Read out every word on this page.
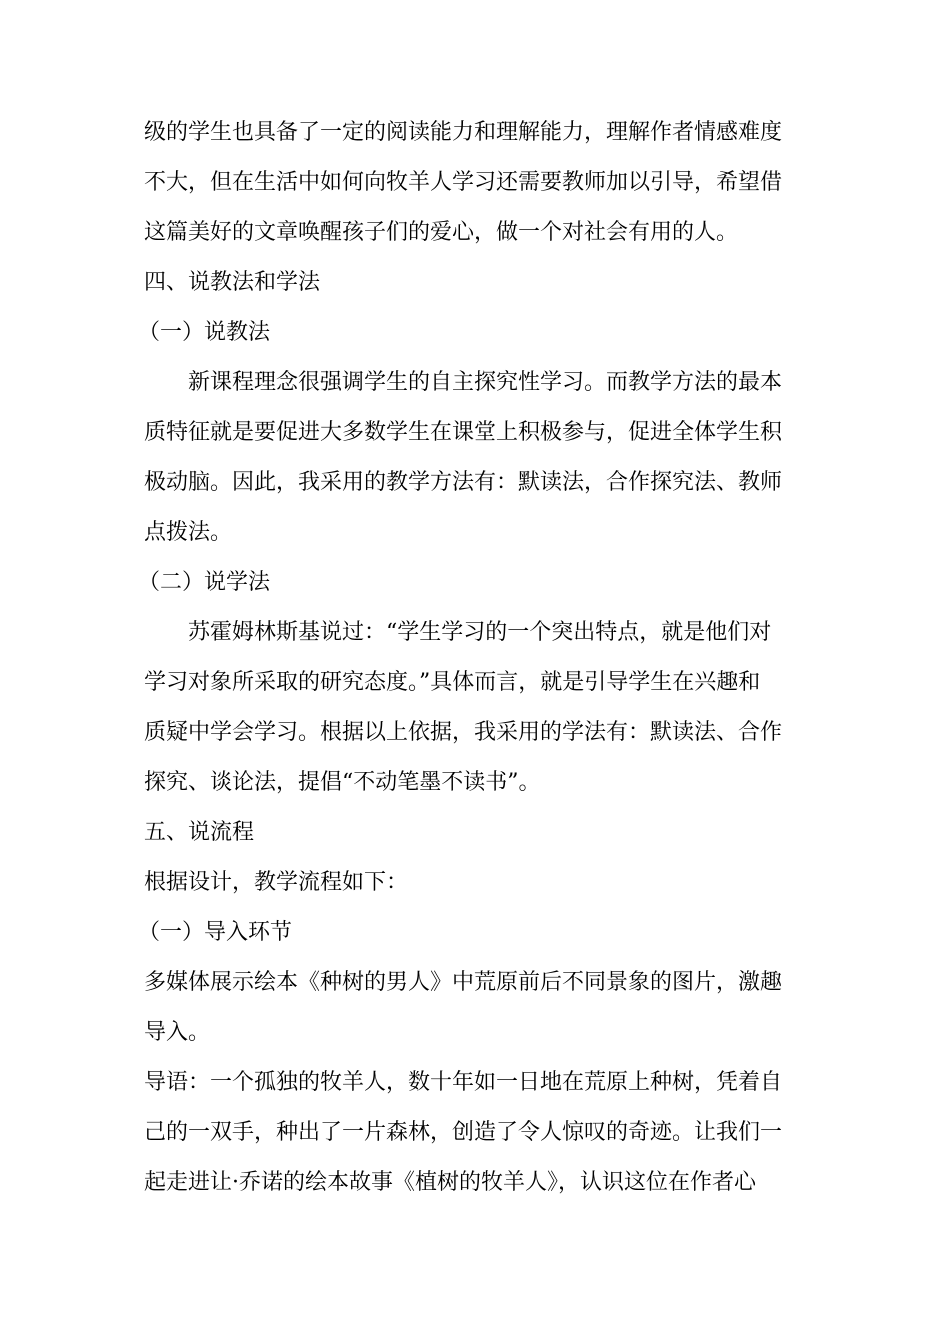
级的学生也具备了一定的阅读能力和理解能力，理解作者情感难度
不大，但在生活中如何向牧羊人学习还需要教师加以引导，希望借
这篇美好的文章唤醒孩子们的爱心，做一个对社会有用的人。
四、说教法和学法
（一）说教法
新课程理念很强调学生的自主探究性学习。而教学方法的最本
质特征就是要促进大多数学生在课堂上积极参与，促进全体学生积
极动脑。因此，我采用的教学方法有：默读法，合作探究法、教师
点拨法。
（二）说学法
苏霍姆林斯基说过：“学生学习的一个突出特点，就是他们对
学习对象所采取的研究态度。”具体而言，就是引导学生在兴趣和
质疑中学会学习。根据以上依据，我采用的学法有：默读法、合作
探究、谈论法，提倡“不动笔墨不读书”。
五、说流程
根据设计，教学流程如下：
（一）导入环节
多媒体展示绘本《种树的男人》中荒原前后不同景象的图片，激趣
导入。
导语：一个孤独的牧羊人，数十年如一日地在荒原上种树，凭着自
己的一双手，种出了一片森林，创造了令人惊叹的奇迹。让我们一
起走进让·乔诺的绘本故事《植树的牧羊人》，认识这位在作者心
